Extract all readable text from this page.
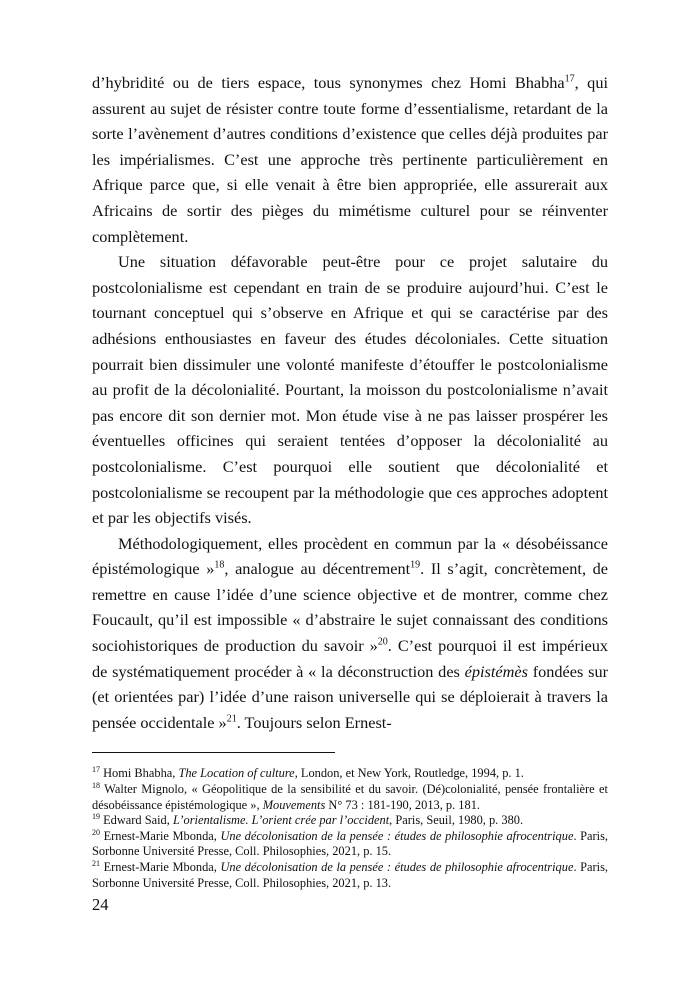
d’hybridité ou de tiers espace, tous synonymes chez Homi Bhabha$^{17}$, qui assurent au sujet de résister contre toute forme d’essentialisme, retardant de la sorte l’avènement d’autres conditions d’existence que celles déjà produites par les impérialismes. C’est une approche très pertinente particulièrement en Afrique parce que, si elle venait à être bien appropriée, elle assurerait aux Africains de sortir des pièges du mimétisme culturel pour se réinventer complètement.

Une situation défavorable peut-être pour ce projet salutaire du postcolonialisme est cependant en train de se produire aujourd’hui. C’est le tournant conceptuel qui s’observe en Afrique et qui se caractérise par des adhésions enthousiastes en faveur des études décoloniales. Cette situation pourrait bien dissimuler une volonté manifeste d’étouffer le postcolonialisme au profit de la décolonialité. Pourtant, la moisson du postcolonialisme n’avait pas encore dit son dernier mot. Mon étude vise à ne pas laisser prospérer les éventuelles officines qui seraient tentées d’opposer la décolonialité au postcolonialisme. C’est pourquoi elle soutient que décolonialité et postcolonialisme se recoupent par la méthodologie que ces approches adoptent et par les objectifs visés.

Méthodologiquement, elles procèdent en commun par la « désobéissance épistémologique »$^{18}$, analogue au décentrement$^{19}$. Il s’agit, concrètement, de remettre en cause l’idée d’une science objective et de montrer, comme chez Foucault, qu’il est impossible « d’abstraire le sujet connaissant des conditions sociohistoriques de production du savoir »$^{20}$. C’est pourquoi il est impérieux de systématiquement procéder à « la déconstruction des épistémès fondées sur (et orientées par) l’idée d’une raison universelle qui se déploierait à travers la pensée occidentale »$^{21}$. Toujours selon Ernest-

$^{17}$ Homi Bhabha, The Location of culture, London, et New York, Routledge, 1994, p. 1.

$^{18}$ Walter Mignolo, « Géopolitique de la sensibilité et du savoir. (Dé)colonialité, pensée frontalière et désobéissance épistémologique », Mouvements N° 73 : 181-190, 2013, p. 181.

$^{19}$ Edward Said, L’orientalisme. L’orient crée par l’occident, Paris, Seuil, 1980, p. 380.

$^{20}$ Ernest-Marie Mbonda, Une décolonisation de la pensée : études de philosophie afrocentrique. Paris, Sorbonne Université Presse, Coll. Philosophies, 2021, p. 15.

$^{21}$ Ernest-Marie Mbonda, Une décolonisation de la pensée : études de philosophie afrocentrique. Paris, Sorbonne Université Presse, Coll. Philosophies, 2021, p. 13.

24
